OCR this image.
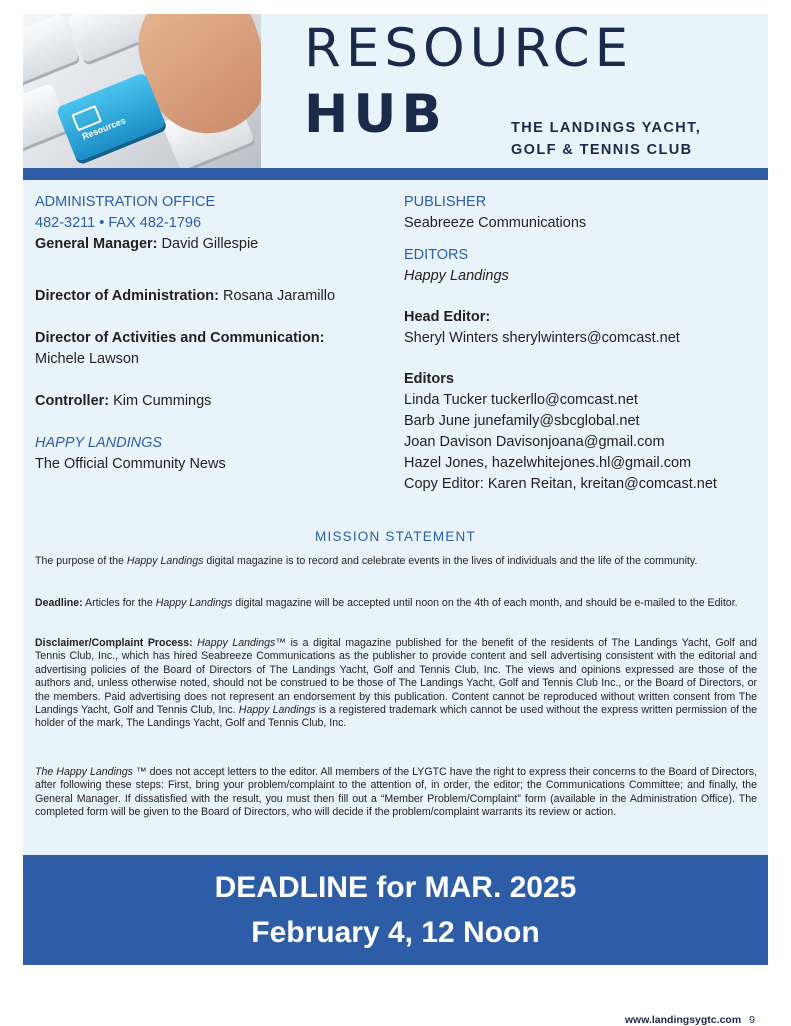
Resources
RESOURCE
HUB	THE LANDINGS YACHT,
GOLF & TENNIS CLUB
ADMINISTRATION OFFICE
482-3211 • FAX 482-1796
General Manager: David Gillespie
Director of Administration: Rosana Jaramillo
Director of Activities and Communication:
Michele Lawson
Controller: Kim Cummings
HAPPY LANDINGS
The Official Community News
PUBLISHER
Seabreeze Communications
EDITORS
Happy Landings
Head Editor:
Sheryl Winters sherylwinters@comcast.net
Editors
Linda Tucker tuckerllo@comcast.net
Barb June junefamily@sbcglobal.net
Joan Davison Davisonjoana@gmail.com
Hazel Jones, hazelwhitejones.hl@gmail.com
Copy Editor: Karen Reitan, kreitan@comcast.net
MISSION STATEMENT

The purpose of the Happy Landings digital magazine is to record and celebrate events in the lives of individuals and the life of the community.

Deadline: Articles for the Happy Landings digital magazine will be accepted until noon on the 4th of each month, and should be e-mailed to the Editor.

Disclaimer/Complaint Process: Happy Landings™ is a digital magazine published for the benefit of the residents of The Landings Yacht, Golf and Tennis Club, Inc., which has hired Seabreeze Communications as the publisher to provide content and sell advertising consistent with the editorial and advertising policies of the Board of Directors of The Landings Yacht, Golf and Tennis Club, Inc. The views and opinions expressed are those of the authors and, unless otherwise noted, should not be construed to be those of The Landings Yacht, Golf and Tennis Club Inc., or the Board of Directors, or the members. Paid advertising does not represent an endorsement by this publication. Content cannot be reproduced without written consent from The Landings Yacht, Golf and Tennis Club, Inc. Happy Landings is a registered trademark which cannot be used without the express written permission of the holder of the mark, The Landings Yacht, Golf and Tennis Club, Inc.

The Happy Landings ™ does not accept letters to the editor. All members of the LYGTC have the right to express their concerns to the Board of Directors, after following these steps: First, bring your problem/complaint to the attention of, in order, the editor; the Communications Committee; and finally, the General Manager. If dissatisfied with the result, you must then fill out a “Member Problem/Complaint” form (available in the Administration Office). The completed form will be given to the Board of Directors, who will decide if the problem/complaint warrants its review or action.

DEADLINE for MAR. 2025
February 4, 12 Noon
www.landingsygtc.com 9
